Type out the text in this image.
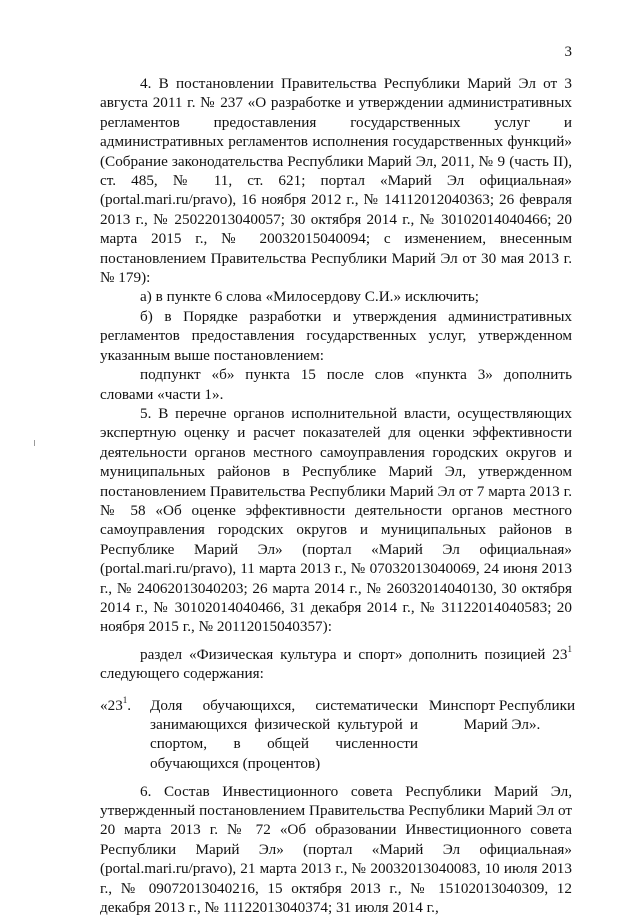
3

4. В постановлении Правительства Республики Марий Эл от 3 августа 2011 г. № 237 «О разработке и утверждении административных регламентов предоставления государственных услуг и административных регламентов исполнения государственных функций» (Собрание законодательства Республики Марий Эл, 2011, № 9 (часть II), ст. 485, № 11, ст. 621; портал «Марий Эл официальная» (portal.mari.ru/pravo), 16 ноября 2012 г., № 14112012040363; 26 февраля 2013 г., № 25022013040057; 30 октября 2014 г., № 30102014040466; 20 марта 2015 г., № 20032015040094; с изменением, внесенным постановлением Правительства Республики Марий Эл от 30 мая 2013 г. № 179):

а) в пункте 6 слова «Милосердову С.И.» исключить;

б) в Порядке разработки и утверждения административных регламентов предоставления государственных услуг, утвержденном указанным выше постановлением:

подпункт «б» пункта 15 после слов «пункта 3» дополнить словами «части 1».

5. В перечне органов исполнительной власти, осуществляющих экспертную оценку и расчет показателей для оценки эффективности деятельности органов местного самоуправления городских округов и муниципальных районов в Республике Марий Эл, утвержденном постановлением Правительства Республики Марий Эл от 7 марта 2013 г. № 58 «Об оценке эффективности деятельности органов местного самоуправления городских округов и муниципальных районов в Республике Марий Эл» (портал «Марий Эл официальная» (portal.mari.ru/pravo), 11 марта 2013 г., № 07032013040069, 24 июня 2013 г., № 24062013040203; 26 марта 2014 г., № 26032014040130, 30 октября 2014 г., № 30102014040466, 31 декабря 2014 г., № 31122014040583; 20 ноября 2015 г., № 20112015040357):

раздел «Физическая культура и спорт» дополнить позицией $23^1$ следующего содержания:

«$23^1$. Доля обучающихся, систематически занимающихся физической культурой и спортом, в общей численности обучающихся (процентов)
Минспорт Республики Марий Эл».

6. Состав Инвестиционного совета Республики Марий Эл, утвержденный постановлением Правительства Республики Марий Эл от 20 марта 2013 г. № 72 «Об образовании Инвестиционного совета Республики Марий Эл» (портал «Марий Эл официальная» (portal.mari.ru/pravo), 21 марта 2013 г., № 20032013040083, 10 июля 2013 г., № 09072013040216, 15 октября 2013 г., № 15102013040309, 12 декабря 2013 г., № 11122013040374; 31 июля 2014 г.,
